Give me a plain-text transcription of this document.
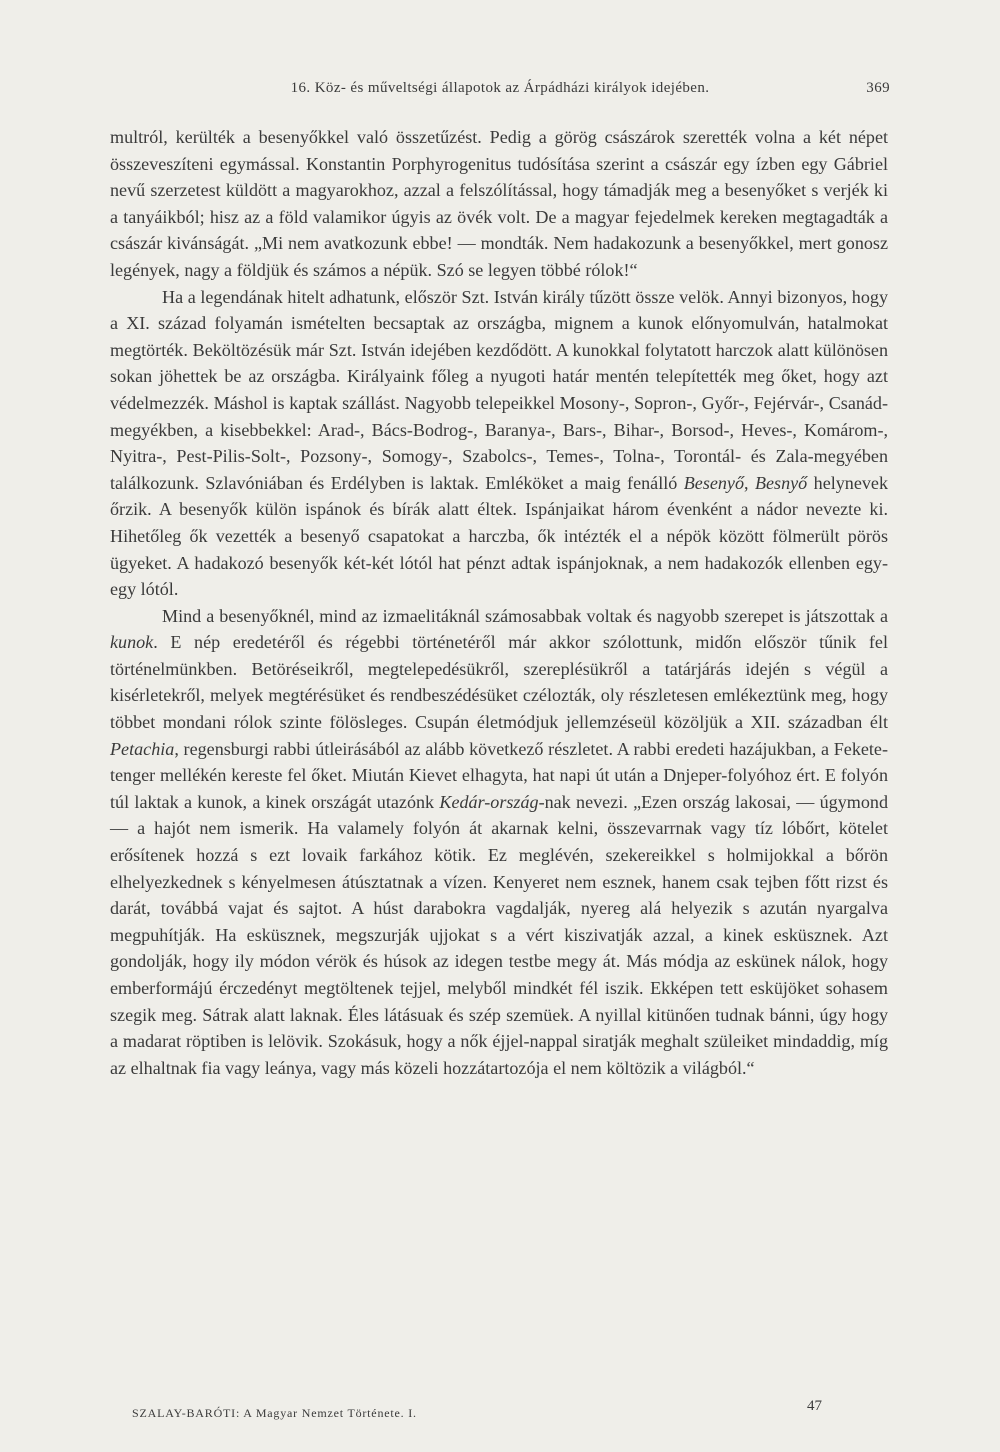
16. Köz- és műveltségi állapotok az Árpádházi királyok idejében.	369

multról, kerülték a besenyőkkel való összetűzést. Pedig a görög császárok szerették volna a két népet összeveszíteni egymással. Konstantin Porphyrogenitus tudósítása szerint a császár egy ízben egy Gábriel nevű szerzetest küldött a magyarokhoz, azzal a felszólítással, hogy támadják meg a besenyőket s verjék ki a tanyáikból; hisz az a föld valamikor úgyis az övék volt. De a magyar fejedelmek kereken megtagadták a császár kivánságát. „Mi nem avatkozunk ebbe! — mondták. Nem hadakozunk a besenyőkkel, mert gonosz legények, nagy a földjük és számos a népük. Szó se legyen többé rólok!“

Ha a legendának hitelt adhatunk, először Szt. István király tűzött össze velök. Annyi bizonyos, hogy a XI. század folyamán ismételten becsaptak az országba, mignem a kunok előnyomulván, hatalmokat megtörték. Beköltözésük már Szt. István idejében kezdődött. A kunokkal folytatott harczok alatt különösen sokan jöhettek be az országba. Királyaink főleg a nyugoti határ mentén telepítették meg őket, hogy azt védelmezzék. Máshol is kaptak szállást. Nagyobb telepeikkel Mosony-, Sopron-, Győr-, Fejérvár-, Csanád-megyékben, a kisebbekkel: Arad-, Bács-Bodrog-, Baranya-, Bars-, Bihar-, Borsod-, Heves-, Komárom-, Nyitra-, Pest-Pilis-Solt-, Pozsony-, Somogy-, Szabolcs-, Temes-, Tolna-, Torontál- és Zala-megyében találkozunk. Szlavóniában és Erdélyben is laktak. Emléköket a maig fenálló Besenyő, Besnyő helynevek őrzik. A besenyők külön ispánok és bírák alatt éltek. Ispánjaikat három évenként a nádor nevezte ki. Hihetőleg ők vezették a besenyő csapatokat a harczba, ők intézték el a népök között fölmerült pörös ügyeket. A hadakozó besenyők két-két lótól hat pénzt adtak ispánjoknak, a nem hadakozók ellenben egy-egy lótól.

Mind a besenyőknél, mind az izmaelitáknál számosabbak voltak és nagyobb szerepet is játszottak a kunok. E nép eredetéről és régebbi történetéről már akkor szólottunk, midőn először tűnik fel történelmünkben. Betöréseikről, megtelepedésükről, szereplésükről a tatárjárás idején s végül a kisérletekről, melyek megtérésüket és rendbeszédésüket czélozták, oly részletesen emlékeztünk meg, hogy többet mondani rólok szinte fölösleges. Csupán életmódjuk jellemzéseül közöljük a XII. században élt Petachia, regensburgi rabbi útleirásából az alább következő részletet. A rabbi eredeti hazájukban, a Fekete-tenger mellékén kereste fel őket. Miután Kievet elhagyta, hat napi út után a Dnjeper-folyóhoz ért. E folyón túl laktak a kunok, a kinek országát utazónk Kedár-ország-nak nevezi. „Ezen ország lakosai, — úgymond — a hajót nem ismerik. Ha valamely folyón át akarnak kelni, összevarrnak vagy tíz lóbőrt, kötelet erősítenek hozzá s ezt lovaik farkához kötik. Ez meglévén, szekereikkel s holmijokkal a bőrön elhelyezkednek s kényelmesen átúsztatnak a vízen. Kenyeret nem esznek, hanem csak tejben főtt rizst és darát, továbbá vajat és sajtot. A húst darabokra vagdalják, nyereg alá helyezik s azután nyargalva megpuhítják. Ha esküsznek, megszurják ujjokat s a vért kiszivatják azzal, a kinek esküsznek. Azt gondolják, hogy ily módon vérök és húsok az idegen testbe megy át. Más módja az eskünek nálok, hogy emberformájú érczedényt megtöltenek tejjel, melyből mindkét fél iszik. Ekképen tett esküjöket sohasem szegik meg. Sátrak alatt laknak. Éles látásuak és szép szemüek. A nyillal kitünően tudnak bánni, úgy hogy a madarat röptiben is lelövik. Szokásuk, hogy a nők éjjel-nappal siratják meghalt szüleiket mindaddig, míg az elhaltnak fia vagy leánya, vagy más közeli hozzátartozója el nem költözik a világból.“

SZALAY-BARÓTI: A Magyar Nemzet Története. I.	47
